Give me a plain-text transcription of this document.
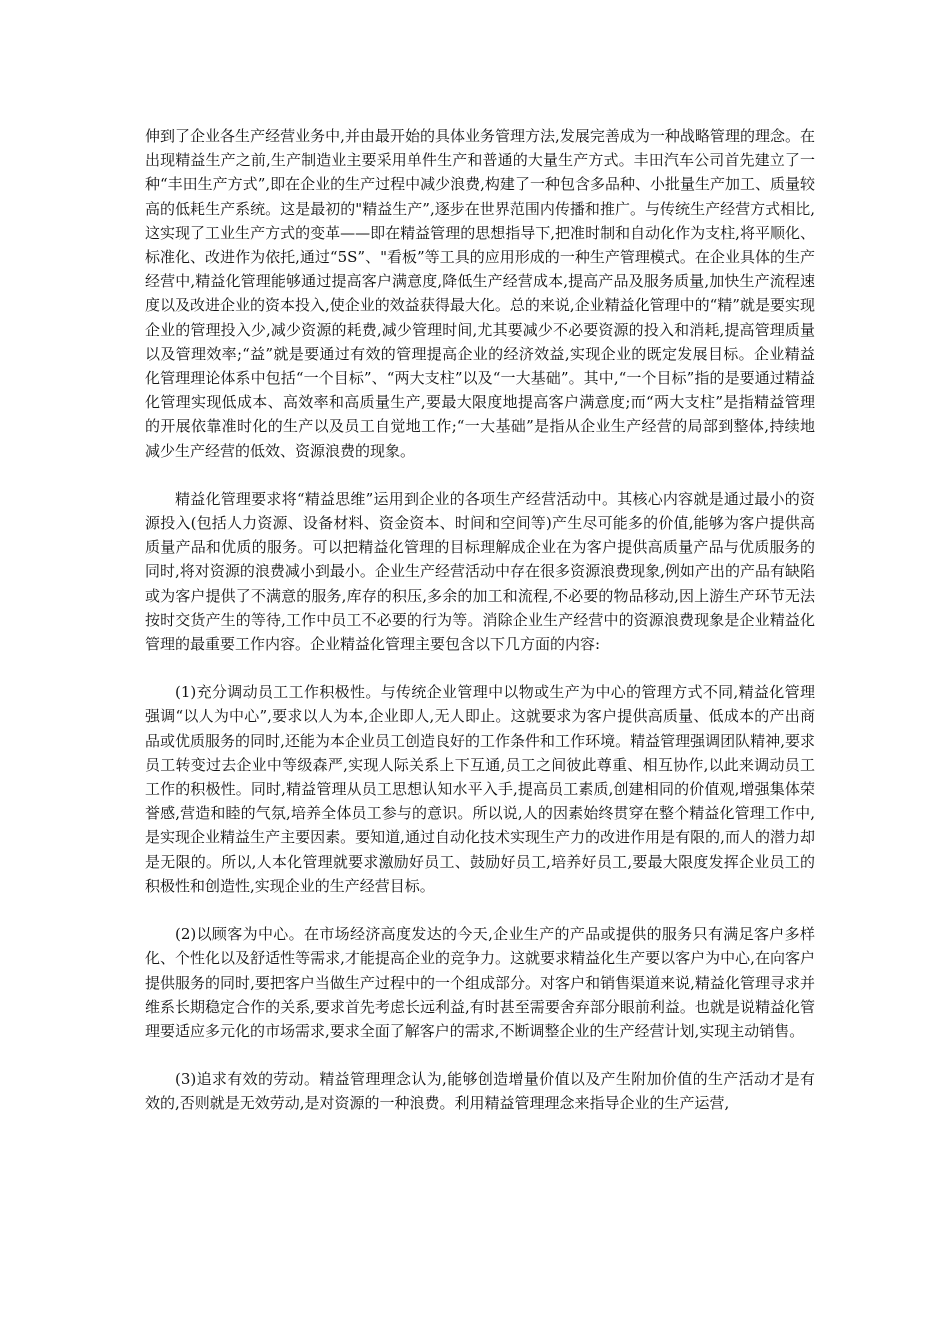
伸到了企业各生产经营业务中,并由最开始的具体业务管理方法,发展完善成为一种战略管理的理念。在出现精益生产之前,生产制造业主要采用单件生产和普通的大量生产方式。丰田汽车公司首先建立了一种“丰田生产方式”,即在企业的生产过程中减少浪费,构建了一种包含多品种、小批量生产加工、质量较高的低耗生产系统。这是最初的"精益生产”,逐步在世界范围内传播和推广。与传统生产经营方式相比,这实现了工业生产方式的变革——即在精益管理的思想指导下,把准时制和自动化作为支柱,将平顺化、标准化、改进作为依托,通过“5S”、"看板”等工具的应用形成的一种生产管理模式。在企业具体的生产经营中,精益化管理能够通过提高客户满意度,降低生产经营成本,提高产品及服务质量,加快生产流程速度以及改进企业的资本投入,使企业的效益获得最大化。总的来说,企业精益化管理中的“精”就是要实现企业的管理投入少,减少资源的耗费,减少管理时间,尤其要减少不必要资源的投入和消耗,提高管理质量以及管理效率;“益”就是要通过有效的管理提高企业的经济效益,实现企业的既定发展目标。企业精益化管理理论体系中包括“一个目标”、“两大支柱”以及“一大基础”。其中,“一个目标”指的是要通过精益化管理实现低成本、高效率和高质量生产,要最大限度地提高客户满意度;而“两大支柱”是指精益管理的开展依靠准时化的生产以及员工自觉地工作;“一大基础”是指从企业生产经营的局部到整体,持续地减少生产经营的低效、资源浪费的现象。

精益化管理要求将“精益思维”运用到企业的各项生产经营活动中。其核心内容就是通过最小的资源投入(包括人力资源、设备材料、资金资本、时间和空间等)产生尽可能多的价值,能够为客户提供高质量产品和优质的服务。可以把精益化管理的目标理解成企业在为客户提供高质量产品与优质服务的同时,将对资源的浪费减小到最小。企业生产经营活动中存在很多资源浪费现象,例如产出的产品有缺陷或为客户提供了不满意的服务,库存的积压,多余的加工和流程,不必要的物品移动,因上游生产环节无法按时交货产生的等待,工作中员工不必要的行为等。消除企业生产经营中的资源浪费现象是企业精益化管理的最重要工作内容。企业精益化管理主要包含以下几方面的内容:

(1)充分调动员工工作积极性。与传统企业管理中以物或生产为中心的管理方式不同,精益化管理强调“以人为中心”,要求以人为本,企业即人,无人即止。这就要求为客户提供高质量、低成本的产出商品或优质服务的同时,还能为本企业员工创造良好的工作条件和工作环境。精益管理强调团队精神,要求员工转变过去企业中等级森严,实现人际关系上下互通,员工之间彼此尊重、相互协作,以此来调动员工工作的积极性。同时,精益管理从员工思想认知水平入手,提高员工素质,创建相同的价值观,增强集体荣誉感,营造和睦的气氛,培养全体员工参与的意识。所以说,人的因素始终贯穿在整个精益化管理工作中,是实现企业精益生产主要因素。要知道,通过自动化技术实现生产力的改进作用是有限的,而人的潜力却是无限的。所以,人本化管理就要求激励好员工、鼓励好员工,培养好员工,要最大限度发挥企业员工的积极性和创造性,实现企业的生产经营目标。

(2)以顾客为中心。在市场经济高度发达的今天,企业生产的产品或提供的服务只有满足客户多样化、个性化以及舒适性等需求,才能提高企业的竞争力。这就要求精益化生产要以客户为中心,在向客户提供服务的同时,要把客户当做生产过程中的一个组成部分。对客户和销售渠道来说,精益化管理寻求并维系长期稳定合作的关系,要求首先考虑长远利益,有时甚至需要舍弃部分眼前利益。也就是说精益化管理要适应多元化的市场需求,要求全面了解客户的需求,不断调整企业的生产经营计划,实现主动销售。

(3)追求有效的劳动。精益管理理念认为,能够创造增量价值以及产生附加价值的生产活动才是有效的,否则就是无效劳动,是对资源的一种浪费。利用精益管理理念来指导企业的生产运营,
